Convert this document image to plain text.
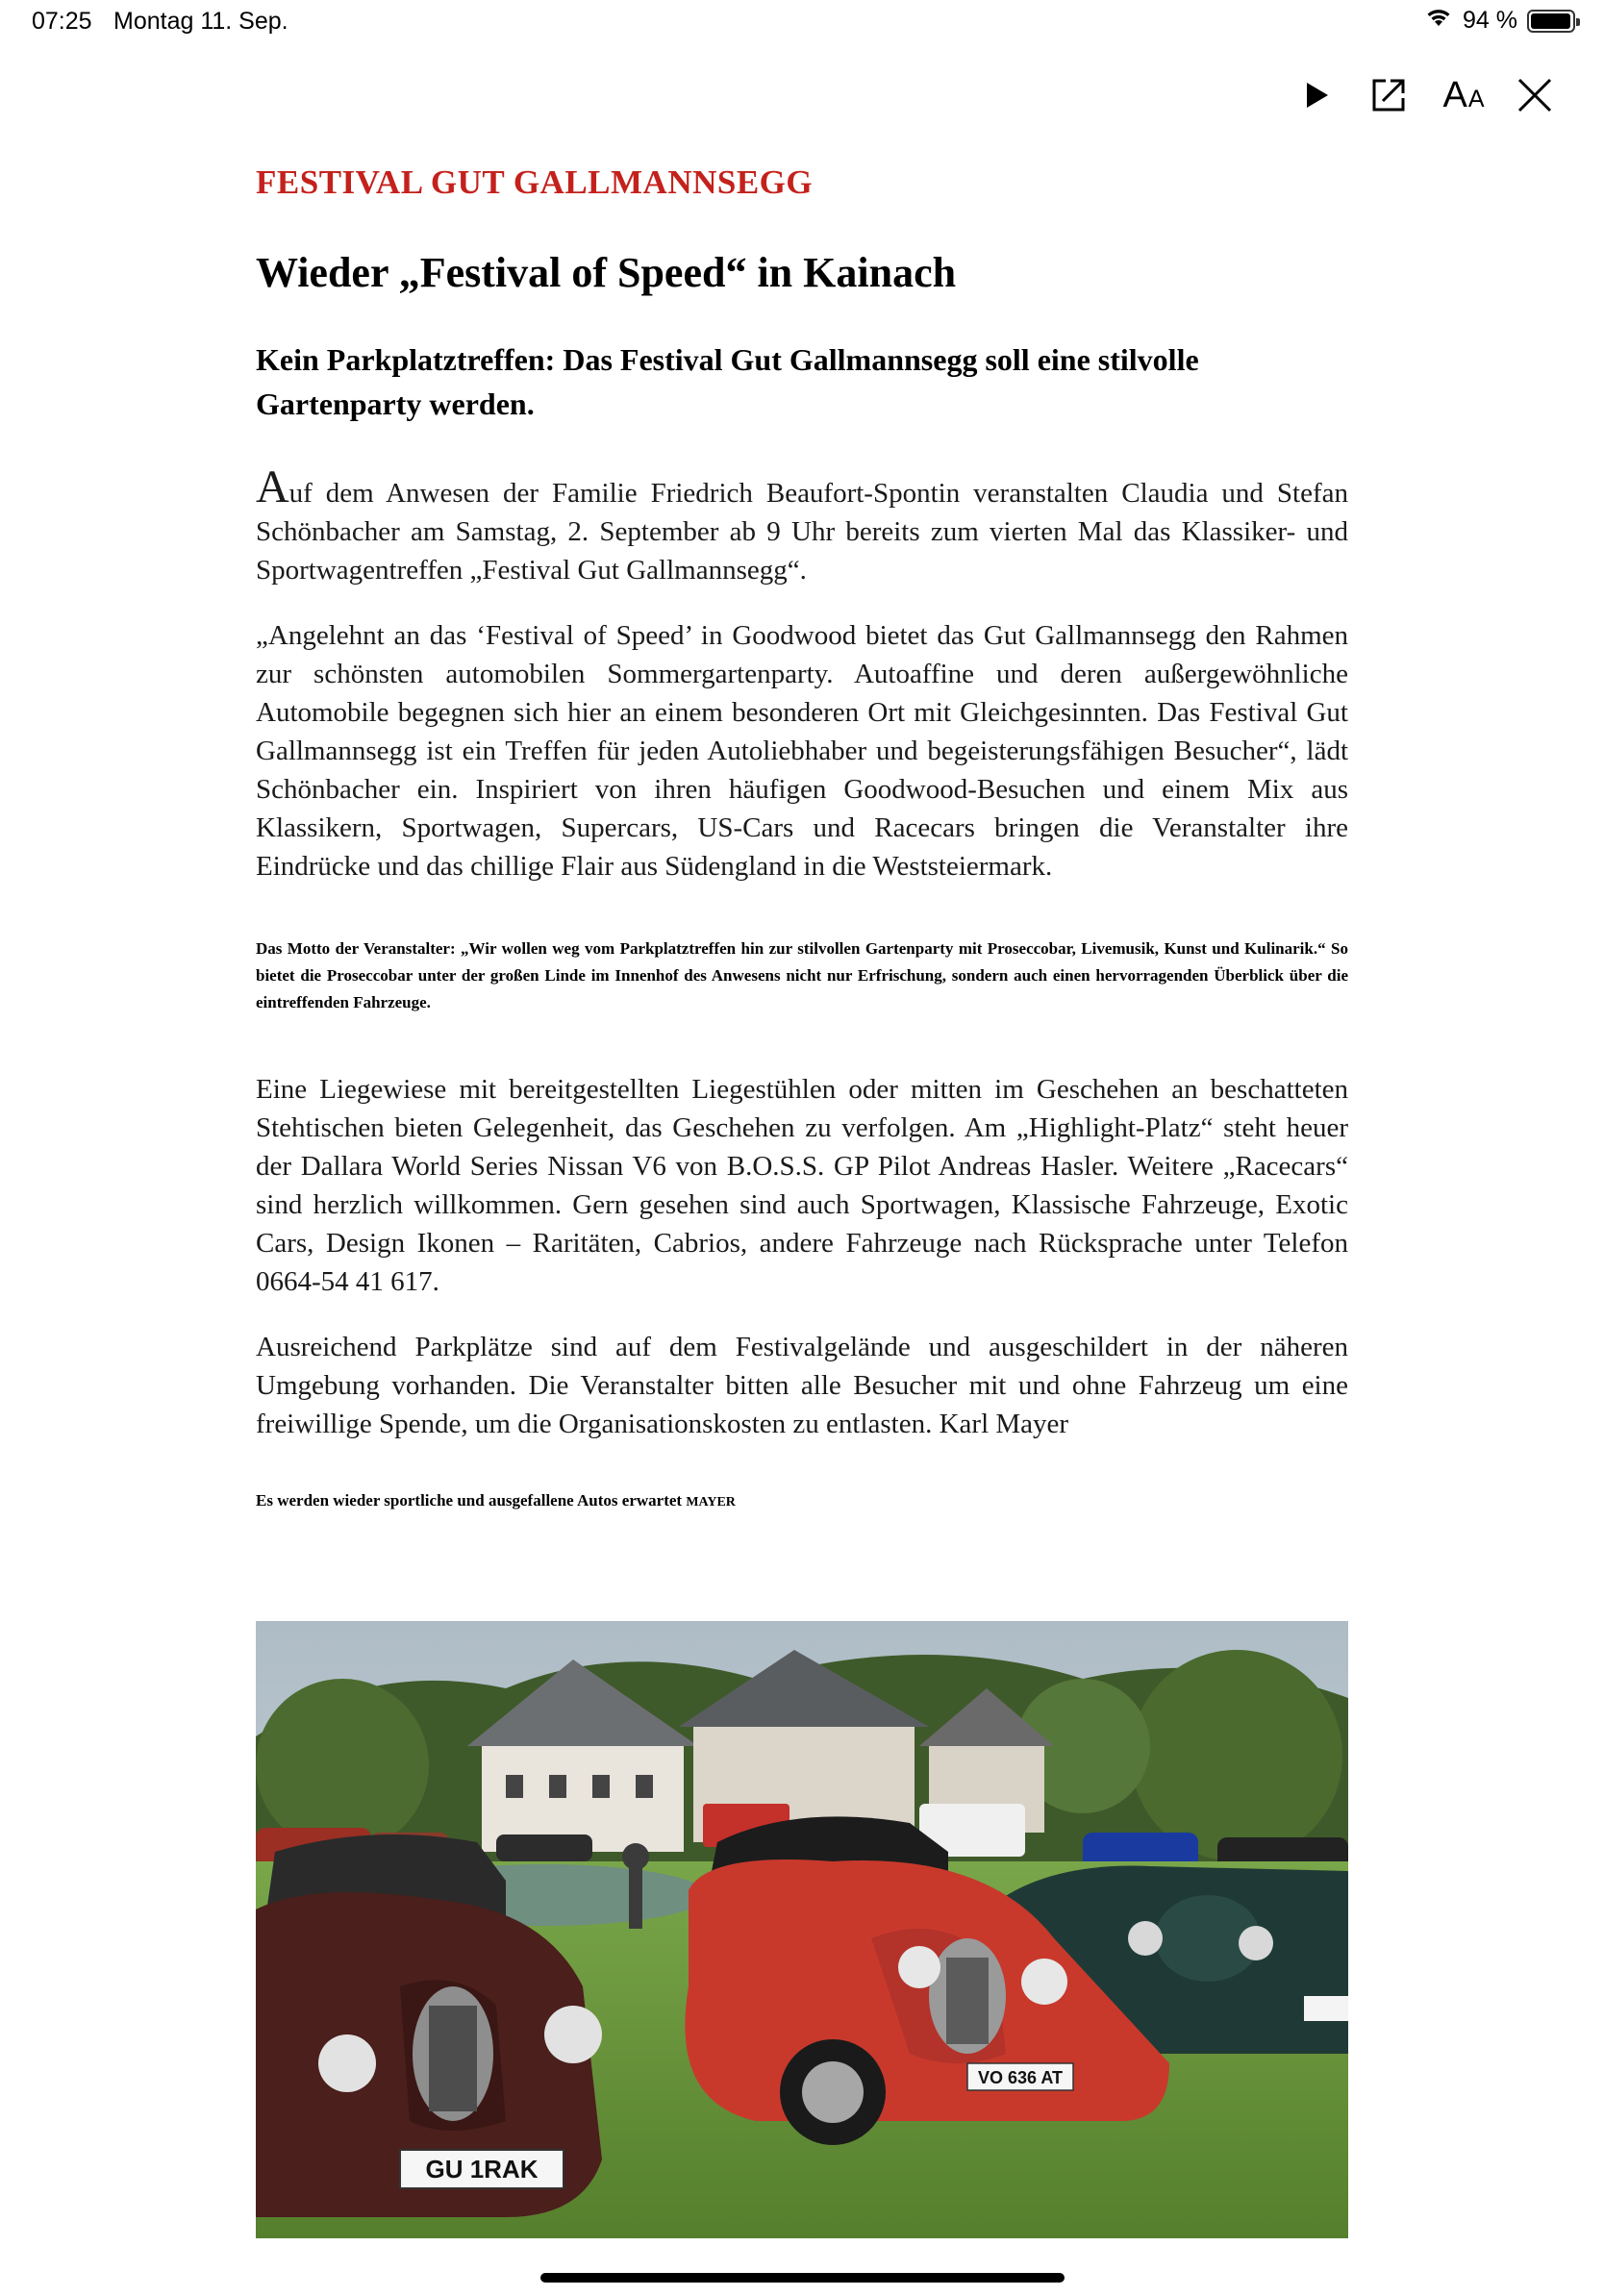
07:25 Montag 11. Sep.	94 %
A A
FESTIVAL GUT GALLMANNSEGG
Wieder „Festival of Speed“ in Kainach

Kein Parkplatztreffen: Das Festival Gut Gallmannsegg soll eine stilvolle Gartenparty werden.

Auf dem Anwesen der Familie Friedrich Beaufort-Spontin veranstalten Claudia und Stefan Schönbacher am Samstag, 2. September ab 9 Uhr bereits zum vierten Mal das Klassiker- und Sportwagentreffen „Festival Gut Gallmannsegg“.

„Angelehnt an das ‘Festival of Speed’ in Goodwood bietet das Gut Gallmannsegg den Rahmen zur schönsten automobilen Sommergartenparty. Autoaffine und deren außergewöhnliche Automobile begegnen sich hier an einem besonderen Ort mit Gleichgesinnten. Das Festival Gut Gallmannsegg ist ein Treffen für jeden Autoliebhaber und begeisterungsfähigen Besucher“, lädt Schönbacher ein. Inspiriert von ihren häufigen Goodwood-Besuchen und einem Mix aus Klassikern, Sportwagen, Supercars, US-Cars und Racecars bringen die Veranstalter ihre Eindrücke und das chillige Flair aus Südengland in die Weststeiermark.

Das Motto der Veranstalter: „Wir wollen weg vom Parkplatztreffen hin zur stilvollen Gartenparty mit Proseccobar, Livemusik, Kunst und Kulinarik.“ So bietet die Proseccobar unter der großen Linde im Innenhof des Anwesens nicht nur Erfrischung, sondern auch einen hervorragenden Überblick über die eintreffenden Fahrzeuge.

Eine Liegewiese mit bereitgestellten Liegestühlen oder mitten im Geschehen an beschatteten Stehtischen bieten Gelegenheit, das Geschehen zu verfolgen. Am „Highlight-Platz“ steht heuer der Dallara World Series Nissan V6 von B.O.S.S. GP Pilot Andreas Hasler. Weitere „Racecars“ sind herzlich willkommen. Gern gesehen sind auch Sportwagen, Klassische Fahrzeuge, Exotic Cars, Design Ikonen – Raritäten, Cabrios, andere Fahrzeuge nach Rücksprache unter Telefon 0664-54 41 617.

Ausreichend Parkplätze sind auf dem Festivalgelände und ausgeschildert in der näheren Umgebung vorhanden. Die Veranstalter bitten alle Besucher mit und ohne Fahrzeug um eine freiwillige Spende, um die Organisationskosten zu entlasten. Karl Mayer

Es werden wieder sportliche und ausgefallene Autos erwartet MAYER

VO 636 AT
GU 1RAK
